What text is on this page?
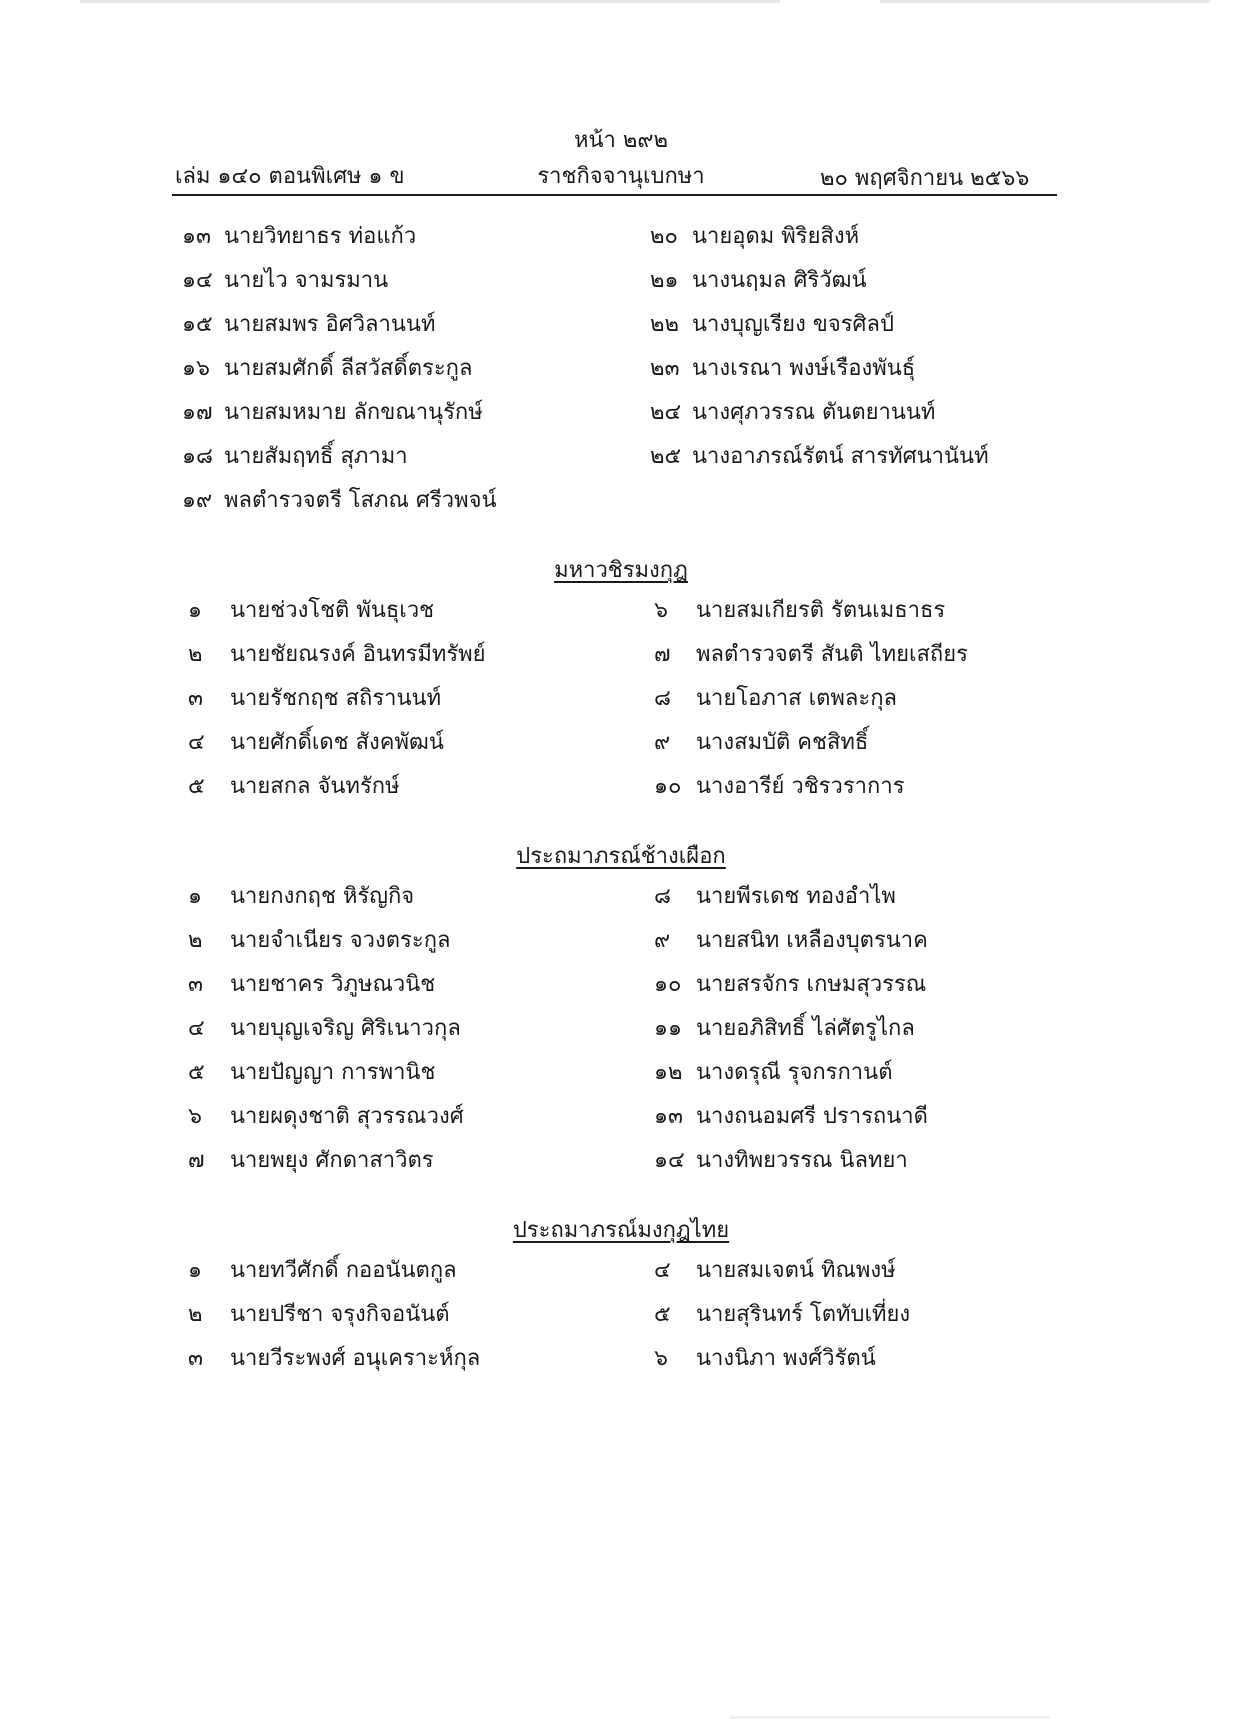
หน้า ๒๙๒
เล่ม ๑๔๐ ตอนพิเศษ ๑ ข	ราชกิจจานุเบกษา	๒๐ พฤศจิกายน ๒๕๖๖
มหาวชิรมงกุฎ
ประถมาภรณ์ช้างเผือก
ประถมาภรณ์มงกุฎไทย
๑๓ นายวิทยาธร ท่อแก้ว
๑๔ นายไว จามรมาน
๑๕ นายสมพร อิศวิลานนท์
๑๖ นายสมศักดิ์ ลีสวัสดิ์ตระกูล
๑๗ นายสมหมาย ลักขณานุรักษ์
๑๘ นายสัมฤทธิ์ สุภามา
๑๙ พลตำรวจตรี โสภณ ศรีวพจน์
๒๐ นายอุดม พิริยสิงห์
๒๑ นางนฤมล ศิริวัฒน์
๒๒ นางบุญเรียง ขจรศิลป์
๒๓ นางเรณา พงษ์เรืองพันธุ์
๒๔ นางศุภวรรณ ตันตยานนท์
๒๕ นางอาภรณ์รัตน์ สารทัศนานันท์
๑ นายช่วงโชติ พันธุเวช
๒ นายชัยณรงค์ อินทรมีทรัพย์
๓ นายรัชกฤช สถิรานนท์
๔ นายศักดิ์เดช สังคพัฒน์
๕ นายสกล จันทรักษ์
๖ นายสมเกียรติ รัตนเมธาธร
๗ พลตำรวจตรี สันติ ไทยเสถียร
๘ นายโอภาส เตพละกุล
๙ นางสมบัติ คชสิทธิ์
๑๐ นางอารีย์ วชิรวราการ
๑ นายกงกฤช หิรัญกิจ
๒ นายจำเนียร จวงตระกูล
๓ นายชาคร วิภูษณวนิช
๔ นายบุญเจริญ ศิริเนาวกุล
๕ นายปัญญา การพานิช
๖ นายผดุงชาติ สุวรรณวงศ์
๗ นายพยุง ศักดาสาวิตร
๘ นายพีรเดช ทองอำไพ
๙ นายสนิท เหลืองบุตรนาค
๑๐ นายสรจักร เกษมสุวรรณ
๑๑ นายอภิสิทธิ์ ไล่ศัตรูไกล
๑๒ นางดรุณี รุจกรกานต์
๑๓ นางถนอมศรี ปรารถนาดี
๑๔ นางทิพยวรรณ นิลทยา
๑ นายทวีศักดิ์ กออนันตกูล
๒ นายปรีชา จรุงกิจอนันต์
๓ นายวีระพงศ์ อนุเคราะห์กุล
๔ นายสมเจตน์ ทิณพงษ์
๕ นายสุรินทร์ โตทับเที่ยง
๖ นางนิภา พงศ์วิรัตน์
